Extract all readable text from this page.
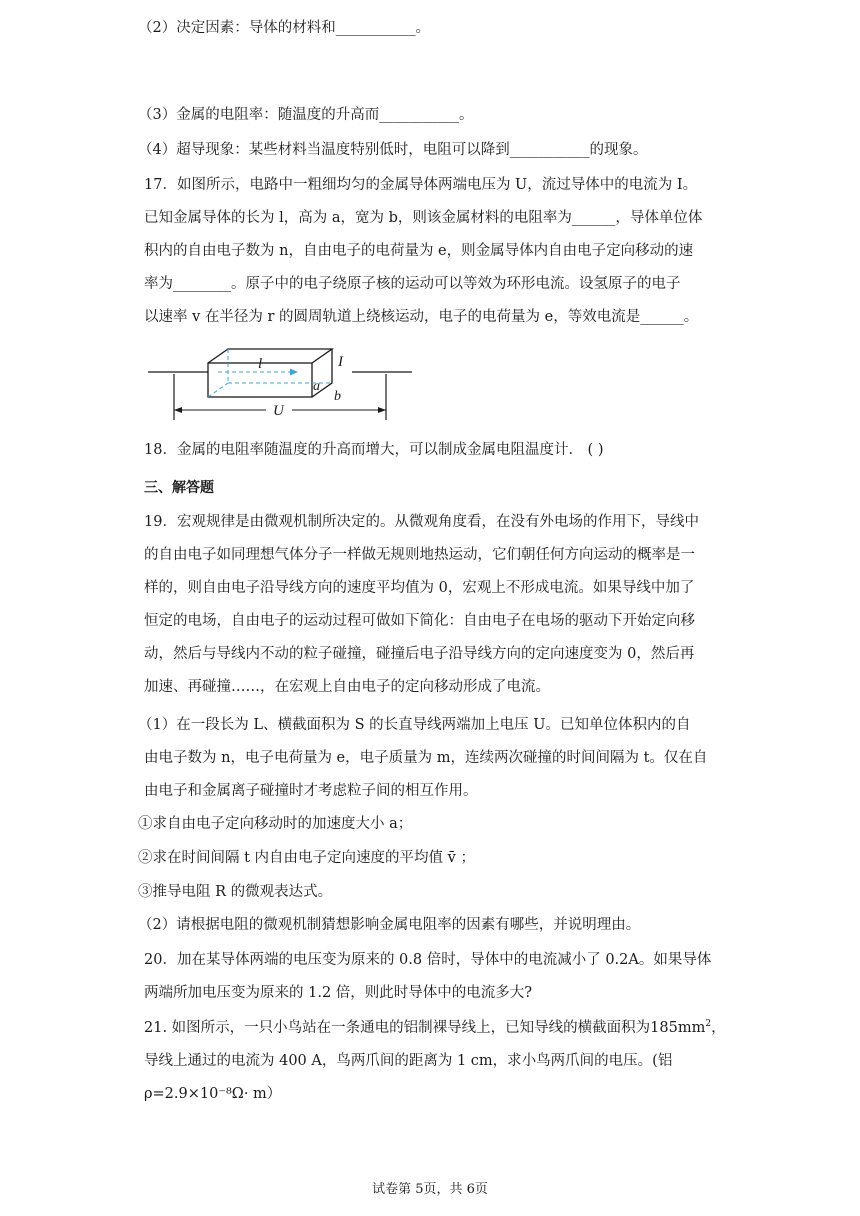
（2）决定因素：导体的材料和___________。
（3）金属的电阻率：随温度的升高而___________。
（4）超导现象：某些材料当温度特别低时，电阻可以降到___________的现象。
17．如图所示，电路中一粗细均匀的金属导体两端电压为 U，流过导体中的电流为 I。
已知金属导体的长为 l，高为 a，宽为 b，则该金属材料的电阻率为______，导体单位体
积内的自由电子数为 n，自由电子的电荷量为 e，则金属导体内自由电子定向移动的速
率为________。原子中的电子绕原子核的运动可以等效为环形电流。设氢原子的电子
以速率 v 在半径为 r 的圆周轨道上绕核运动，电子的电荷量为 e，等效电流是______。
l	I
a
b
U
18．金属的电阻率随温度的升高而增大，可以制成金属电阻温度计． ( )
三、解答题
19．宏观规律是由微观机制所决定的。从微观角度看，在没有外电场的作用下，导线中
的自由电子如同理想气体分子一样做无规则地热运动，它们朝任何方向运动的概率是一
样的，则自由电子沿导线方向的速度平均值为 0，宏观上不形成电流。如果导线中加了
恒定的电场，自由电子的运动过程可做如下简化：自由电子在电场的驱动下开始定向移
动，然后与导线内不动的粒子碰撞，碰撞后电子沿导线方向的定向速度变为 0，然后再
加速、再碰撞……，在宏观上自由电子的定向移动形成了电流。
（1）在一段长为 L、横截面积为 S 的长直导线两端加上电压 U。已知单位体积内的自
由电子数为 n，电子电荷量为 e，电子质量为 m，连续两次碰撞的时间间隔为 t。仅在自
由电子和金属离子碰撞时才考虑粒子间的相互作用。
①求自由电子定向移动时的加速度大小 a；
②求在时间间隔 t 内自由电子定向速度的平均值 v̄ ；
③推导电阻 R 的微观表达式。
（2）请根据电阻的微观机制猜想影响金属电阻率的因素有哪些，并说明理由。
20．加在某导体两端的电压变为原来的 0.8 倍时，导体中的电流减小了 0.2A。如果导体
两端所加电压变为原来的 1.2 倍，则此时导体中的电流多大?
21. 如图所示，一只小鸟站在一条通电的铝制裸导线上，已知导线的横截面积为$185mm^2$，
导线上通过的电流为 400 A，鸟两爪间的距离为 1 cm，求小鸟两爪间的电压。(铝
ρ=2.9×10⁻⁸Ω· m）
试卷第 5页，共 6页
